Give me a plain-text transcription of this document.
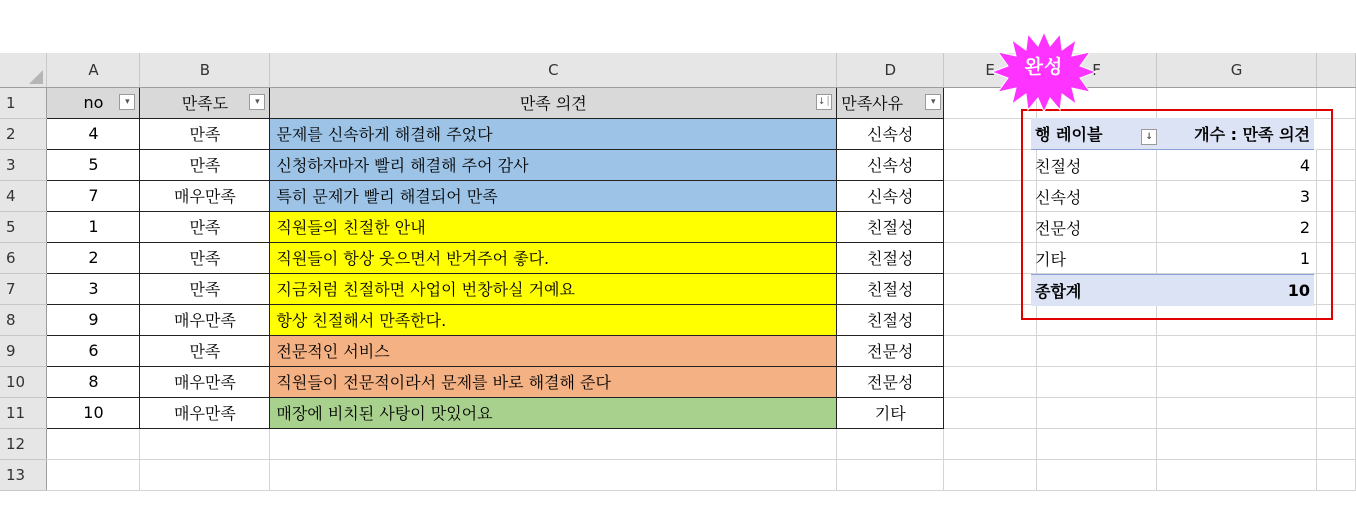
	A	B	C	D	E	F	G	
1	no ▾	만족도 ▾	만족 의견 ↓⏐	만족사유 ▾				

2	4	만족	문제를 신속하게 해결해 주었다	신속성				
3	5	만족	신청하자마자 빨리 해결해 주어 감사	신속성				
4	7	매우만족	특히 문제가 빨리 해결되어 만족	신속성				
5	1	만족	직원들의 친절한 안내	친절성				
6	2	만족	직원들이 항상 웃으면서 반겨주어 좋다.	친절성				
7	3	만족	지금처럼 친절하면 사업이 번창하실 거예요	친절성				
8	9	매우만족	항상 친절해서 만족한다.	친절성				
9	6	만족	전문적인 서비스	전문성				
10	8	매우만족	직원들이 전문적이라서 문제를 바로 해결해 준다	전문성				
11	10	매우만족	매장에 비치된 사탕이 맛있어요	기타				
12								
13								
행 레이블	↓	개수 : 만족 의견
친절성	4
신속성	3
전문성	2
기타	1
종합계	10
완성
